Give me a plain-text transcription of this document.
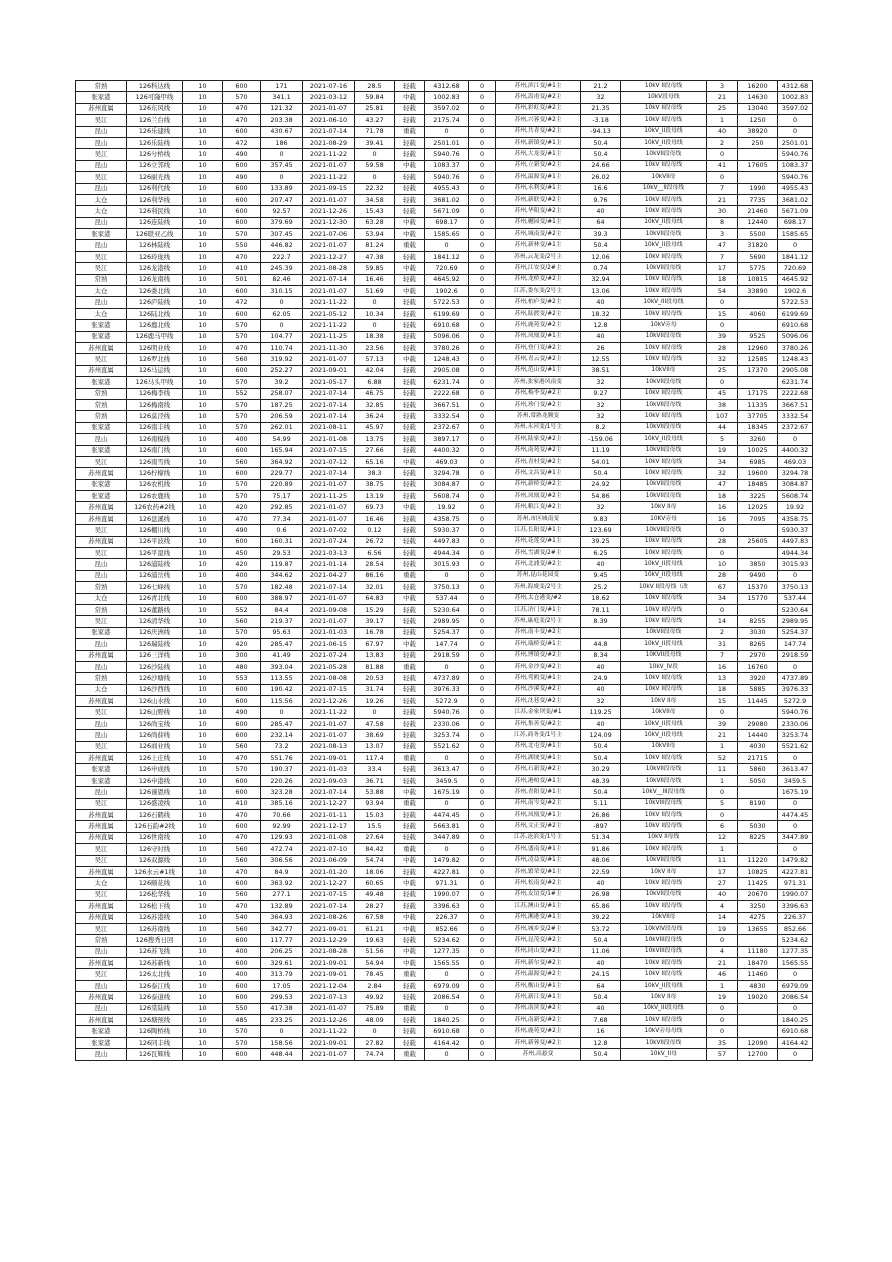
常熟	126科达线	10	600	171	2021-07-16	28.5	轻载	4312.68	0	苏州,滨江变/#1主	21.2	10kV II段母线	3	16200	4312.68
张家港	126可隆甲线	10	570	341.1	2021-03-12	59.84	中载	1002.83	0	苏州,嵩甫变/#2主	32	10kV段母线	21	14630	1002.83
苏州直属	126东风线	10	470	121.32	2021-01-07	25.81	轻载	3597.02	0	苏州,彩虹变/#2主	21.35	10kV II段母线	25	13040	3597.02
吴江	126兰台线	10	470	203.38	2021-06-10	43.27	轻载	2175.74	0	苏州,兴蓉变/#2主	-3.18	10kV II段母线	1	1250	0
昆山	126乐建线	10	600	430.67	2021-07-14	71.78	重载	0	0	苏州,共青变/#2主	-94.13	10kV_II段母线	40	38920	0
昆山	126乐陆线	10	472	186	2021-08-29	39.41	轻载	2501.01	0	苏州,新镇变/#1主	50.4	10kV_II段母线	2	250	2501.01
吴江	126兮桥线	10	490	0	2021-11-22	0	轻载	5940.76	0	苏州,大龙变/#1主	50.4	10kVII段母线	0		5940.76
昆山	126立邻线	10	600	357.45	2021-01-07	59.58	中载	1083.37	0	苏州,立新变/#2主	24.66	10kV II段母线	41	17605	1083.37
吴江	126丽光线	10	490	0	2021-11-22	0	轻载	5940.76	0	苏州,温源变/#1主	26.02	10kVII母	0		5940.76
昆山	126利代线	10	600	133.89	2021-09-15	22.32	轻载	4955.43	0	苏州,永利变/#1主	16.6	10kV__II段母线	7	1990	4955.43
太仓	126利华线	10	600	207.47	2021-01-07	34.58	轻载	3681.02	0	苏州,新联变/#2主	9.76	10kV II段母线	21	7735	3681.02
太仓	126利民线	10	600	92.57	2021-12-26	15.43	轻载	5671.09	0	苏州,华阳变/#2主	40	10kV II段母线	30	21460	5671.09
昆山	126连陆线	10	600	379.69	2021-12-30	63.28	中载	698.17	0	苏州,樾园变/#1主	64	10kV_II段母线	8	12440	698.17
张家港	126联亚乙线	10	570	307.45	2021-07-06	53.94	中载	1585.65	0	苏州,城南变/#2主	39.3	10kVII段母线	3	5500	1585.65
昆山	126林陆线	10	550	446.82	2021-01-07	81.24	重载	0	0	苏州,新林变/#1主	50.4	10kV_II段母线	47	31820	0
吴江	126玲珑线	10	470	222.7	2021-12-27	47.38	轻载	1841.12	0	苏州,云龙变/2号主	12.06	10kV II段母线	7	5690	1841.12
吴江	126龙港线	10	410	245.39	2021-08-28	59.85	中载	720.69	0	苏州,江安变/2#主	0.74	10kVII段母线	17	5775	720.69
常熟	126龙南线	10	501	82.46	2021-07-14	16.46	轻载	4645.92	0	苏州,龙桥变/#2主	32.94	10kV II段母线	18	10815	4645.92
太仓	126娄北线	10	600	310.15	2021-01-07	51.69	中载	1902.6	0	江苏,娄东变/2号主	13.06	10kV II段母线	54	33890	1902.6
昆山	126庐陆线	10	472	0	2021-11-22	0	轻载	5722.53	0	苏州,柏庐变/#2主	40	10kV_III段母线	0		5722.53
太仓	126陆北线	10	600	62.05	2021-05-12	10.34	轻载	6199.69	0	苏州,陆渡变/#2主	18.32	10kV II段母线	15	4060	6199.69
张家港	126鹿北线	10	570	0	2021-11-22	0	轻载	6910.68	0	苏州,鹿苑变/#2主	12.8	10kV旁母	0		6910.68
张家港	126鹿马甲线	10	570	104.77	2021-11-25	18.38	轻载	5096.06	0	苏州,凤凰变/#1主	40	10kVII段母线	39	9525	5096.06
苏州直属	126明业线	10	470	110.74	2021-11-30	23.56	轻载	3780.26	0	苏州,登门变/#2主	26	10kV II段母线	28	12960	3780.26
吴江	126罗北线	10	560	319.92	2021-01-07	57.13	中载	1248.43	0	苏州,青云变/#2主	12.55	10kV II段母线	32	12585	1248.43
苏州直属	126马运线	10	600	252.27	2021-09-01	42.04	轻载	2905.08	0	苏州,范山变/#1主	38.51	10kVII母	25	17370	2905.08
张家港	126马头甲线	10	570	39.2	2021-05-17	6.88	轻载	6231.74	0	苏州,张家港风南变	32	10kVII段母线	0		6231.74
常熟	126梅李线	10	552	258.07	2021-07-14	46.75	轻载	2222.68	0	苏州,梅李变/#2主	9.27	10kV II段母线	45	17175	2222.68
常熟	126梅南线	10	570	187.25	2021-07-14	32.85	轻载	3667.51	0	苏州,珍门变/#2主	32	10kVII段母线	38	11335	3667.51
常熟	126莫泾线	10	570	206.59	2021-07-14	36.24	轻载	3332.54	0	苏州,常熟龙腾变	32	10kV II段母线	107	37705	3332.54
张家港	126南丰线	10	570	262.01	2021-08-11	45.97	轻载	2372.67	0	苏州,永河变/1号主	8.2	10kVII段母线	44	18345	2372.67
昆山	126南模线	10	400	54.99	2021-01-08	13.75	轻载	3897.17	0	苏州,陆家变/#2主	-159.06	10kV_II段母线	5	3260	0
张家港	126南门线	10	600	165.94	2021-07-15	27.66	轻载	4400.32	0	苏州,南苑变/#2主	11.19	10kVII段母线	19	10025	4400.32
吴江	126南雪线	10	560	364.92	2021-07-12	65.16	中载	469.03	0	苏州,青村变/#2主	54.01	10kV II段母线	34	6985	469.03
苏州直属	126柠檬线	10	600	229.77	2021-07-14	38.3	轻载	3294.78	0	苏州,文昌变/#1主	50.4	10kV II段母线	32	19600	3294.78
张家港	126农机线	10	570	220.89	2021-01-07	38.75	轻载	3084.87	0	苏州,新桥变/#2主	24.92	10kVII段母线	47	18485	3084.87
张家港	126农鹿线	10	570	75.17	2021-11-25	13.19	轻载	5608.74	0	苏州,凤凰变/#2主	54.86	10kVII段母线	18	3225	5608.74
苏州直属	126农药#2线	10	420	292.85	2021-01-07	69.73	中载	19.92	0	苏州,粮江变/#2主	32	10kV II母	16	12025	19.92
苏州直属	126盘溪线	10	470	77.34	2021-01-07	16.46	轻载	4358.75	0	苏州,市区城南变	9.83	10KV旁母	16	7095	4358.75
吴江	126棚川线	10	490	0.6	2021-07-02	0.12	轻载	5930.37	0	江苏,长阳变/#1主	123.69	10kVII段母线	0		5930.37
苏州直属	126平波线	10	600	160.31	2021-07-24	26.72	轻载	4497.83	0	苏州,花莲变/#1主	39.25	10kV II段母线	28	25605	4497.83
吴江	126平湿线	10	450	29.53	2021-03-13	6.56	轻载	4944.34	0	苏州,雪湖变/2#主	6.25	10kV II段母线	0		4944.34
昆山	126浦陆线	10	420	119.87	2021-01-14	28.54	轻载	3015.93	0	苏州,北浦变/#2主	40	10kV_II段母线	10	3850	3015.93
昆山	126浦岳线	10	400	344.62	2021-04-27	86.16	重载	0	0	苏州,昆山花园变	9.45	10kV_II段母线	28	9490	0
常熟	126七峰线	10	570	182.48	2021-07-14	32.01	轻载	3750.13	0	苏州,海虞变/2号主	25.2	10kV II段母线（改	67	15370	3750.13
太仓	126青北线	10	600	388.97	2021-01-07	64.83	中载	537.44	0	苏州,太仓港变/#2	18.62	10kV II段母线	34	15770	537.44
常熟	126董路线	10	552	84.4	2021-09-08	15.29	轻载	5230.64	0	江苏,浒门变/#1主	78.11	10kV II段母线	0		5230.64
吴江	126清华线	10	560	219.37	2021-01-07	39.17	轻载	2989.95	0	苏州,康庭变/2号主	8.39	10kV II段母线	14	8255	2989.95
张家港	126庆洲线	10	570	95.63	2021-01-03	16.78	轻载	5254.37	0	苏州,南丰变/#2主		10kVII段母线	2	3030	5254.37
昆山	126瑞陆线	10	420	285.47	2021-06-15	67.97	中载	147.74	0	苏州,瑞桥变/#1主	44.8	10kV_II段母线	31	8265	147.74
苏州直属	126三洋线	10	300	41.49	2021-07-24	13.83	轻载	2918.59	0	苏州,博镇变/#2主	8.34	10KVII段母线	7	2970	2918.59
昆山	126沙陆线	10	480	393.04	2021-05-28	81.88	重载	0	0	苏州,金沙变/#2主	40	10kV_IV段	16	16760	0
常熟	126沙塘线	10	553	113.55	2021-08-08	20.53	轻载	4737.89	0	苏州,莺鸥变/#1主	24.9	10kV II段母线	13	3920	4737.89
太仓	126沙西线	10	600	190.42	2021-07-15	31.74	轻载	3976.33	0	苏州,沙溪变/#2主	40	10kV II段母线	18	5885	3976.33
苏州直属	126山水线	10	600	115.56	2021-12-26	19.26	轻载	5272.9	0	苏州,沈巷变/#2主	32	10kV II母	15	11445	5272.9
吴江	126山野线	10	490	0	2021-11-22	0	轻载	5940.76	0	江苏,金家坝变/#1	119.25	10kVII母	0		5940.76
昆山	126尚宝线	10	600	285.47	2021-01-07	47.58	轻载	2330.06	0	苏州,集善变/#2主	40	10kV_II段母线	39	29080	2330.06
昆山	126尚薛线	10	600	232.14	2021-01-07	38.69	轻载	3253.74	0	江苏,商务变/1号主	124.09	10kV_II段母线	21	14440	3253.74
吴江	126商业线	10	560	73.2	2021-08-13	13.07	轻载	5521.62	0	苏州,北屯变/#1主	50.4	10kVII母	1	4030	5521.62
苏州直属	126上庄线	10	470	551.76	2021-09-01	117.4	重载	0	0	苏州,湖埂变/#1主	50.4	10kV II段母线	52	21715	0
张家港	126申成线	10	570	190.37	2021-01-03	33.4	轻载	3613.47	0	苏州,石新变/#2主	30.29	10kVII段母线	11	5860	3613.47
张家港	126申港线	10	600	220.26	2021-09-03	36.71	轻载	3459.5	0	苏州,港柏变/#1主	48.39	10kVII段母线	1	5050	3459.5
昆山	126谨恩线	10	600	323.28	2021-07-14	53.88	中载	1675.19	0	苏州,青阳变/#1主	50.4	10kV__III段母线	0		1675.19
吴江	126盛凌线	10	410	385.16	2021-12-27	93.94	重载	0	0	苏州,南岑变/#2主	5.11	10kVIII段母线	5	8190	0
苏州直属	126石鹤线	10	470	70.66	2021-01-11	15.03	轻载	4474.45	0	苏州,凤凰变/#1主	26.86	10kV II段母线	0		4474.45
苏州直属	126石韵#2线	10	600	92.99	2021-12-17	15.5	轻载	5663.81	0	苏州,文正变/#2主	-897	10kV II段母线	6	5030	0
苏州直属	126世南线	10	470	129.93	2021-01-08	27.64	轻载	3447.89	0	江苏,沧浪变/1号主	51.34	10kV II母线	12	8225	3447.89
吴江	126守时线	10	560	472.74	2021-07-10	84.42	重载	0	0	苏州,盛南变/#1主	91.86	10kV II段母线	1		0
吴江	126双源线	10	560	306.56	2021-06-09	54.74	中载	1479.82	0	苏州,凌益变/#1主	48.06	10kVII段母线	11	11220	1479.82
苏州直属	126水云#1线	10	470	84.9	2021-01-20	18.06	轻载	4227.81	0	苏州,繁荣变/#1主	22.59	10kV II母	17	10825	4227.81
太仓	126顺花线	10	600	363.92	2021-12-27	60.65	中载	971.31	0	苏州,松南变/#2主	40	10kV II段母线	27	11425	971.31
吴江	126松华线	10	560	277.1	2021-07-15	49.48	轻载	1990.07	0	苏州,友谊变/1#主	26.98	10kVII段母线	40	20670	1990.07
苏州直属	126松下线	10	470	132.89	2021-07-14	28.27	轻载	3396.63	0	江苏,澳山变/#1主	65.86	10kV II段母线	4	3250	3396.63
苏州直属	126苏港线	10	540	364.93	2021-08-26	67.58	中载	226.37	0	苏州,湘港变/#1主	39.22	10kVII母	14	4275	226.37
吴江	126苏南线	10	560	342.77	2021-09-01	61.21	中载	852.66	0	苏州,城乡变/2#主	53.72	10kVIV段母线	19	13655	852.66
常熟	126搜秀日回	10	600	117.77	2021-12-29	19.63	轻载	5234.62	0	苏州,昆茂变/#2主	50.4	10kVIII段母线	0		5234.62
昆山	126苏飞线	10	400	206.25	2021-08-28	51.56	中载	1277.35	0	苏州,同山变/#2主	11.06	10kVIII段母线	4	11180	1277.35
苏州直属	126苏新线	10	600	329.61	2021-09-01	54.94	中载	1565.55	0	苏州,新尔变/#2主	40	10kV II段母线	21	18470	1565.55
吴江	126太北线	10	400	313.79	2021-09-01	78.45	重载	0	0	苏州,温源变/#2主	24.15	10kV II段母线	46	11460	0
昆山	126泰江线	10	600	17.05	2021-12-04	2.84	轻载	6979.09	0	苏州,衡山变/#1主	64	10kV_II段母线	1	4830	6979.09
苏州直属	126泰道线	10	600	299.53	2021-07-13	49.92	轻载	2086.54	0	苏州,新江变/#1主	50.4	10kV II母	19	19020	2086.54
昆山	126棠陆线	10	550	417.38	2021-01-07	75.89	重载	0	0	苏州,南滨变/#2主	40	10kV_III段母线	0		0
苏州直属	126塘预线	10	485	233.25	2021-12-26	48.09	轻载	1840.25	0	苏州,南新变/#2主	7.68	10kV II段母线	0		1840.25
张家港	126陶桥线	10	570	0	2021-11-22	0	轻载	6910.68	0	苏州,鹿苑变/#2主	16	10kV旁母母线	0		6910.68
张家港	126同丰线	10	570	158.56	2021-09-01	27.82	轻载	4164.42	0	苏州,新蓉变/#2主	12.8	10kVII段母线	35	12090	4164.42
昆山	126瓦辉线	10	600	448.44	2021-01-07	74.74	重载	0	0	苏州,高悬变	50.4	10kV_II母	57	12700	0
